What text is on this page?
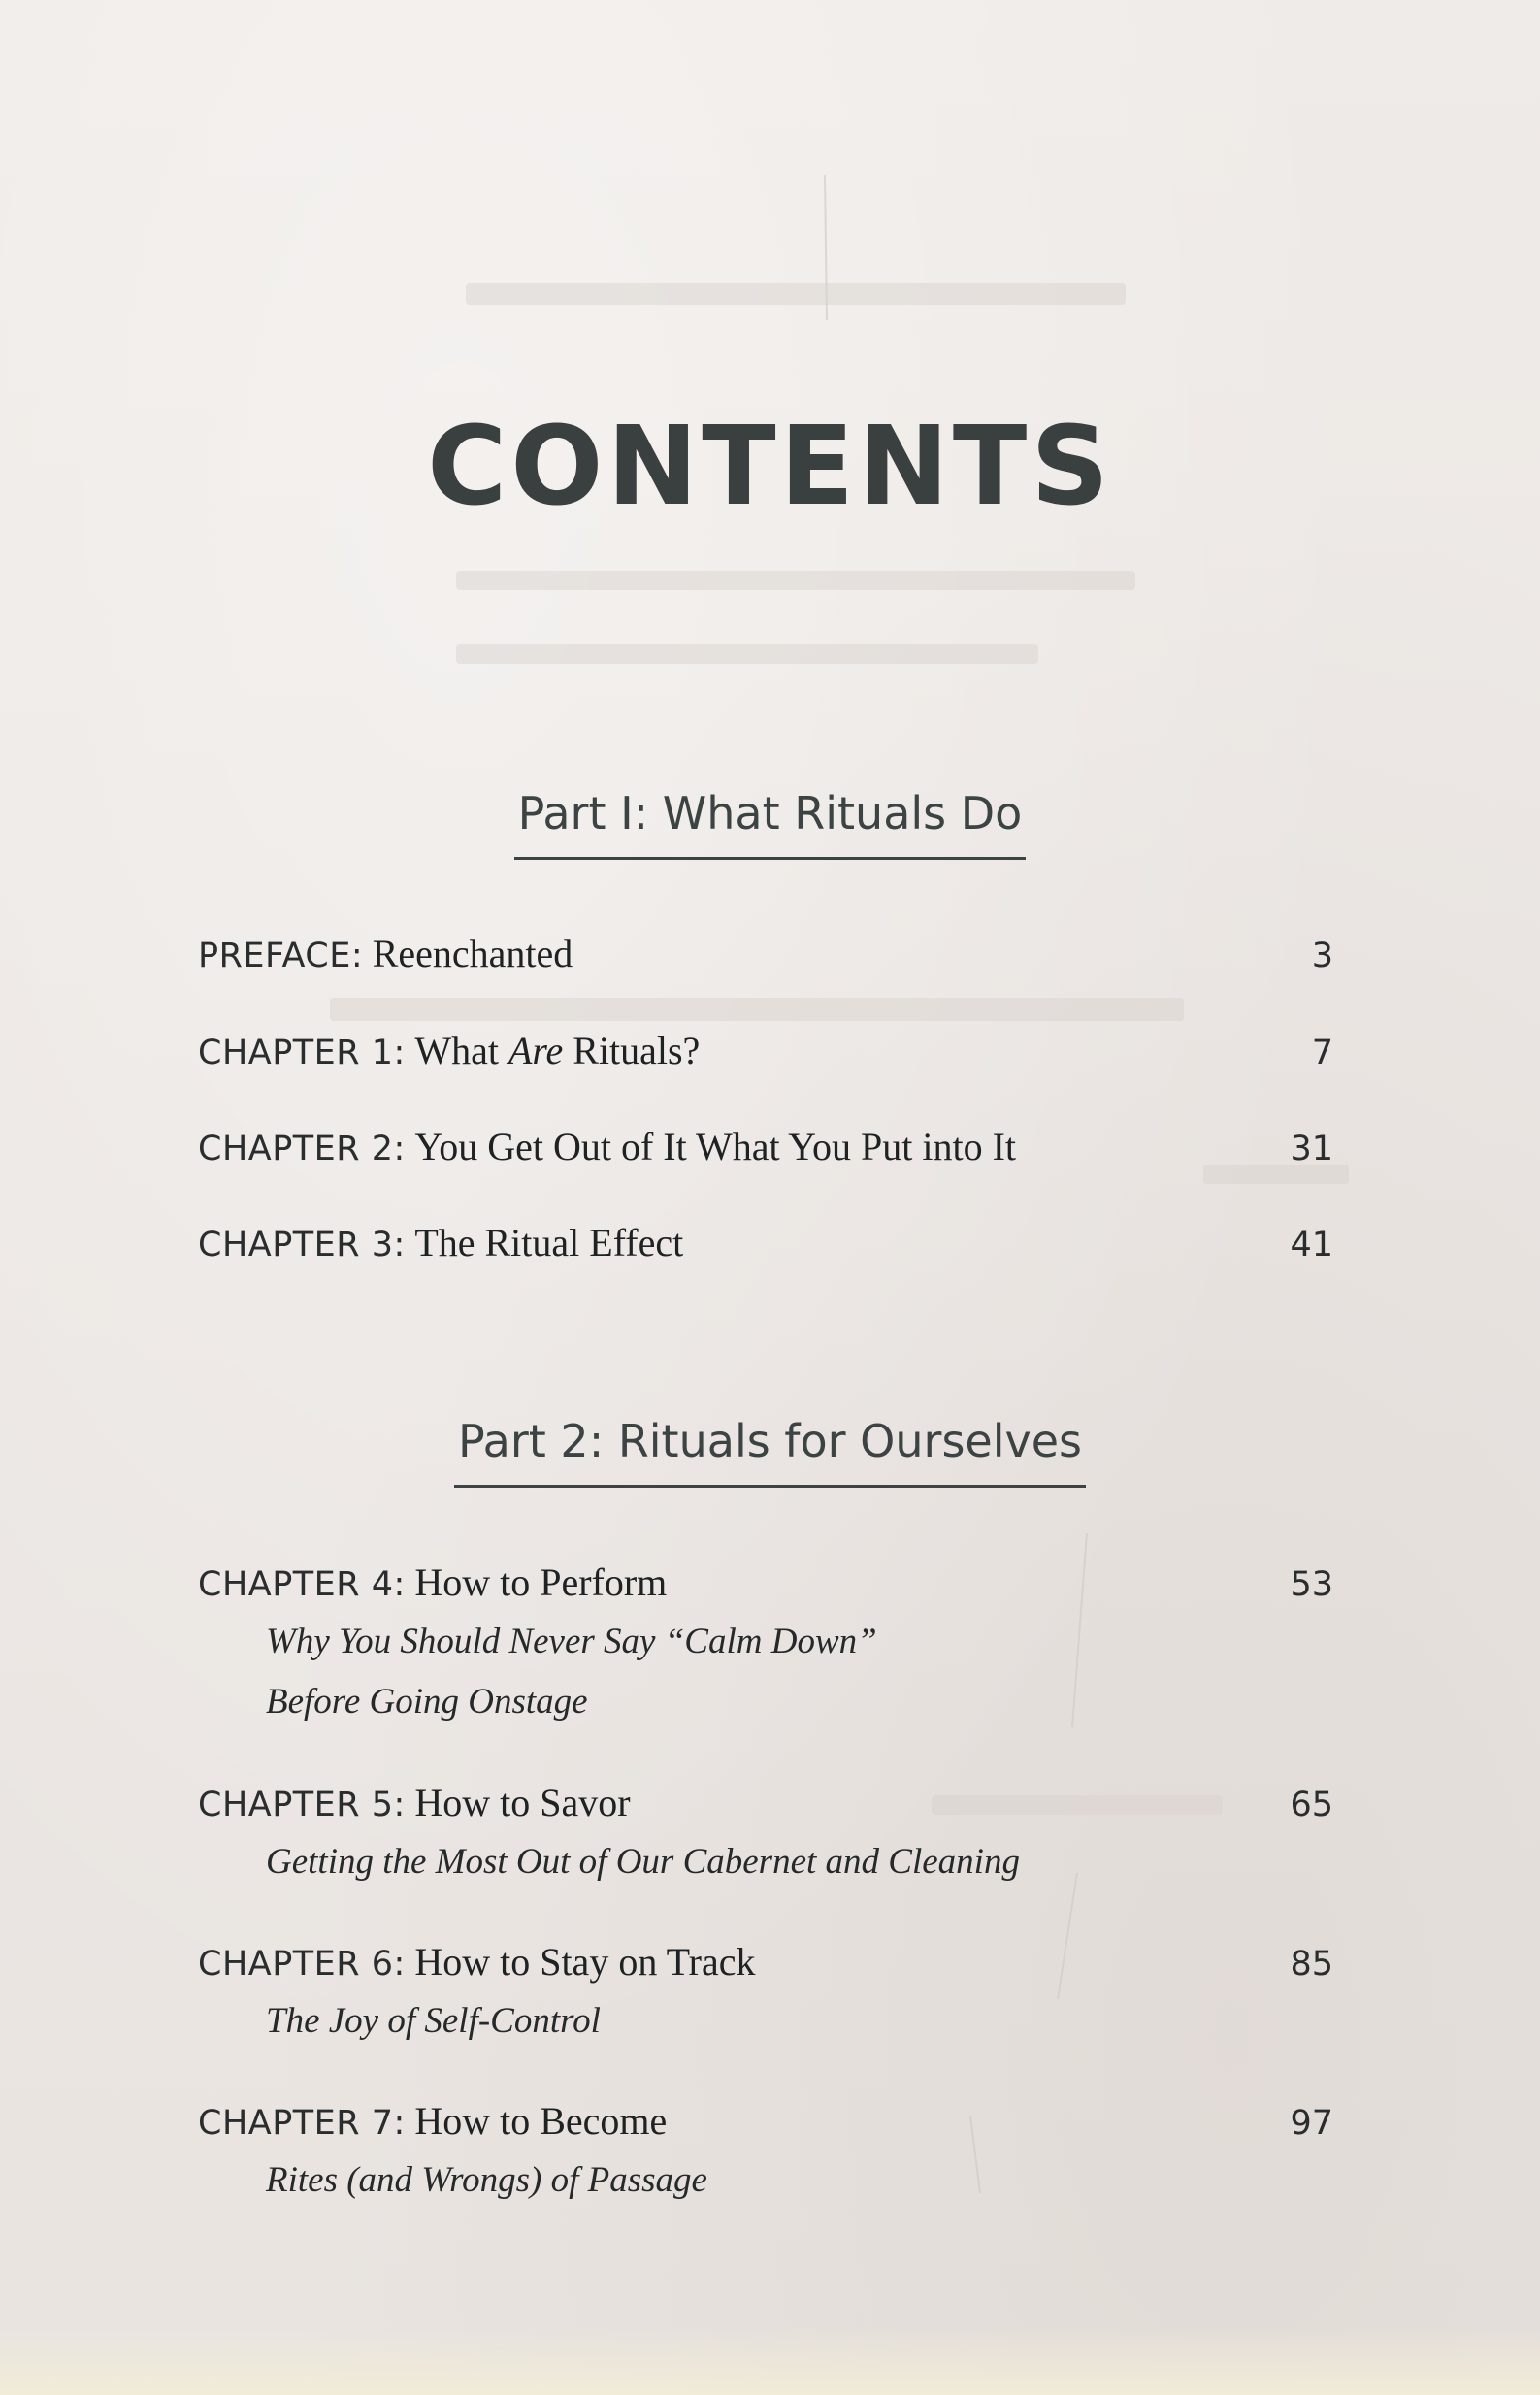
CONTENTS
Part I: What Rituals Do
PREFACE: Reenchanted	3
CHAPTER 1: What Are Rituals?	7
CHAPTER 2: You Get Out of It What You Put into It	31
CHAPTER 3: The Ritual Effect	41
Part 2: Rituals for Ourselves
CHAPTER 4: How to Perform	53
Why You Should Never Say “Calm Down”
Before Going Onstage
CHAPTER 5: How to Savor	65
Getting the Most Out of Our Cabernet and Cleaning
CHAPTER 6: How to Stay on Track	85
The Joy of Self-Control
CHAPTER 7: How to Become	97
Rites (and Wrongs) of Passage
